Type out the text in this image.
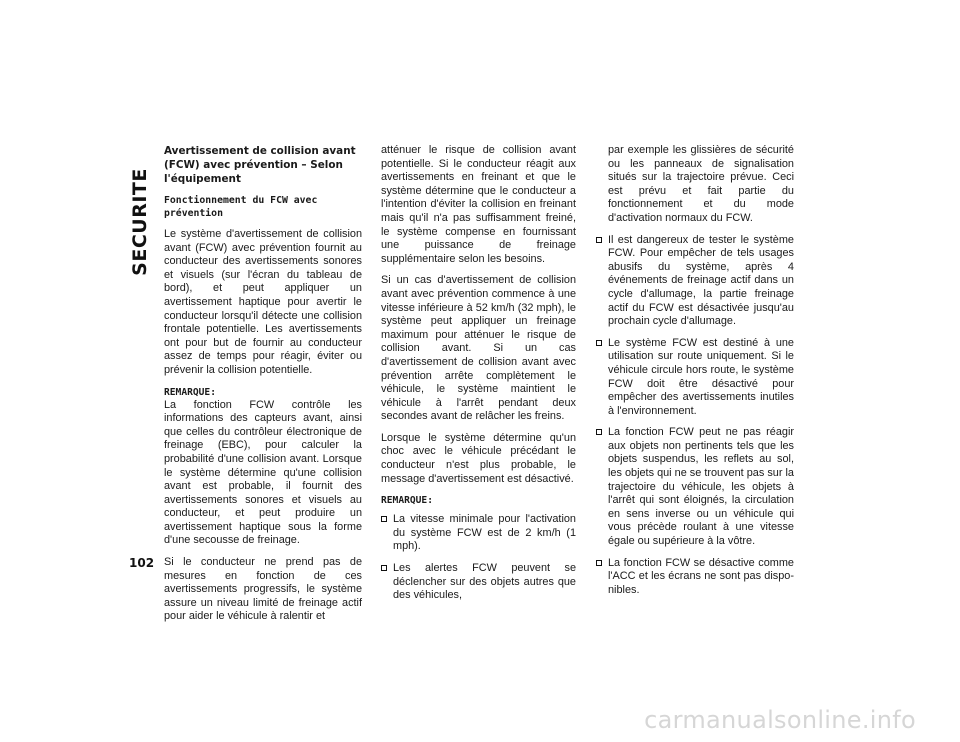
SECURITE
102
Avertissement de collision avant (FCW) avec prévention – Selon l'équipement
Fonctionnement du FCW avec prévention

Le système d'avertissement de collision avant (FCW) avec prévention fournit au conducteur des avertissements sonores et visuels (sur l'écran du tableau de bord), et peut appliquer un avertissement haptique pour avertir le conducteur lorsqu'il détecte une collision frontale potentielle. Les avertissements ont pour but de fournir au conducteur assez de temps pour réagir, éviter ou prévenir la collision potentielle.

REMARQUE:
La fonction FCW contrôle les informations des capteurs avant, ainsi que celles du contrôleur électronique de freinage (EBC), pour calculer la probabilité d'une collision avant. Lorsque le système détermine qu'une collision avant est probable, il fournit des avertissements sonores et visuels au conducteur, et peut produire un avertissement haptique sous la forme d'une secousse de freinage.

Si le conducteur ne prend pas de mesures en fonction de ces avertissements progressifs, le système assure un niveau limité de freinage actif pour aider le véhicule à ralentir et

atténuer le risque de collision avant potentielle. Si le conducteur réagit aux avertissements en freinant et que le système détermine que le conducteur a l'intention d'éviter la collision en freinant mais qu'il n'a pas suffisamment freiné, le système compense en fournissant une puissance de freinage supplémentaire selon les besoins.

Si un cas d'avertissement de collision avant avec prévention commence à une vitesse inférieure à 52 km/h (32 mph), le système peut appliquer un freinage maximum pour atténuer le risque de collision avant. Si un cas d'avertissement de collision avant avec prévention arrête complètement le véhicule, le système maintient le véhicule à l'arrêt pendant deux secondes avant de relâcher les freins.

Lorsque le système détermine qu'un choc avec le véhicule précédant le conducteur n'est plus probable, le message d'avertissement est désactivé.

REMARQUE:

La vitesse minimale pour l'activation du système FCW est de 2 km/h (1 mph).
Les alertes FCW peuvent se déclencher sur des objets autres que des véhicules,
par exemple les glissières de sécurité ou les panneaux de signalisation situés sur la trajectoire prévue. Ceci est prévu et fait partie du fonctionnement et du mode d'activation normaux du FCW.
Il est dangereux de tester le système FCW. Pour empêcher de tels usages abusifs du système, après 4 événements de freinage actif dans un cycle d'allumage, la partie freinage actif du FCW est désactivée jusqu'au prochain cycle d'allumage.
Le système FCW est destiné à une utilisation sur route uniquement. Si le véhicule circule hors route, le système FCW doit être désactivé pour empêcher des avertissements inutiles à l'environnement.
La fonction FCW peut ne pas réagir aux objets non pertinents tels que les objets suspendus, les reflets au sol, les objets qui ne se trouvent pas sur la trajectoire du véhicule, les objets à l'arrêt qui sont éloignés, la circulation en sens inverse ou un véhicule qui vous précède roulant à une vitesse égale ou supérieure à la vôtre.
La fonction FCW se désactive comme l'ACC et les écrans ne sont pas disponibles.
carmanualsonline.info
